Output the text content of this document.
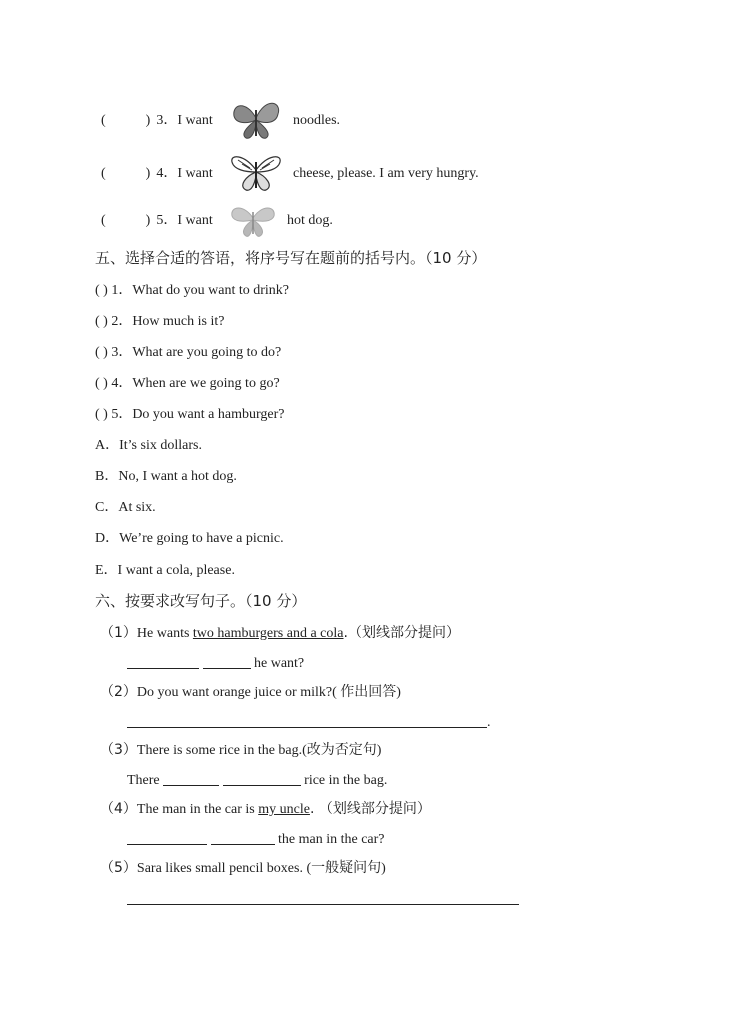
(	) 3．I want	noodles.
(	) 4．I want	cheese, please. I am very hungry.
(	) 5．I want	hot dog.
五、选择合适的答语，将序号写在题前的括号内。（10 分）
( ) 1．What do you want to drink?
( ) 2．How much is it?
( ) 3．What are you going to do?
( ) 4．When are we going to go?
( ) 5．Do you want a hamburger?
A．It’s six dollars.
B．No, I want a hot dog.
C．At six.
D．We’re going to have a picnic.
E．I want a cola, please.
六、按要求改写句子。（10 分）
（1）He wants two hamburgers and a cola.（划线部分提问）
he want?
（2）Do you want orange juice or milk?( 作出回答)
.
（3）There is some rice in the bag.(改为否定句)
There	rice in the bag.
（4）The man in the car is my uncle. （划线部分提问）
the man in the car?
（5）Sara likes small pencil boxes. (一般疑问句)
